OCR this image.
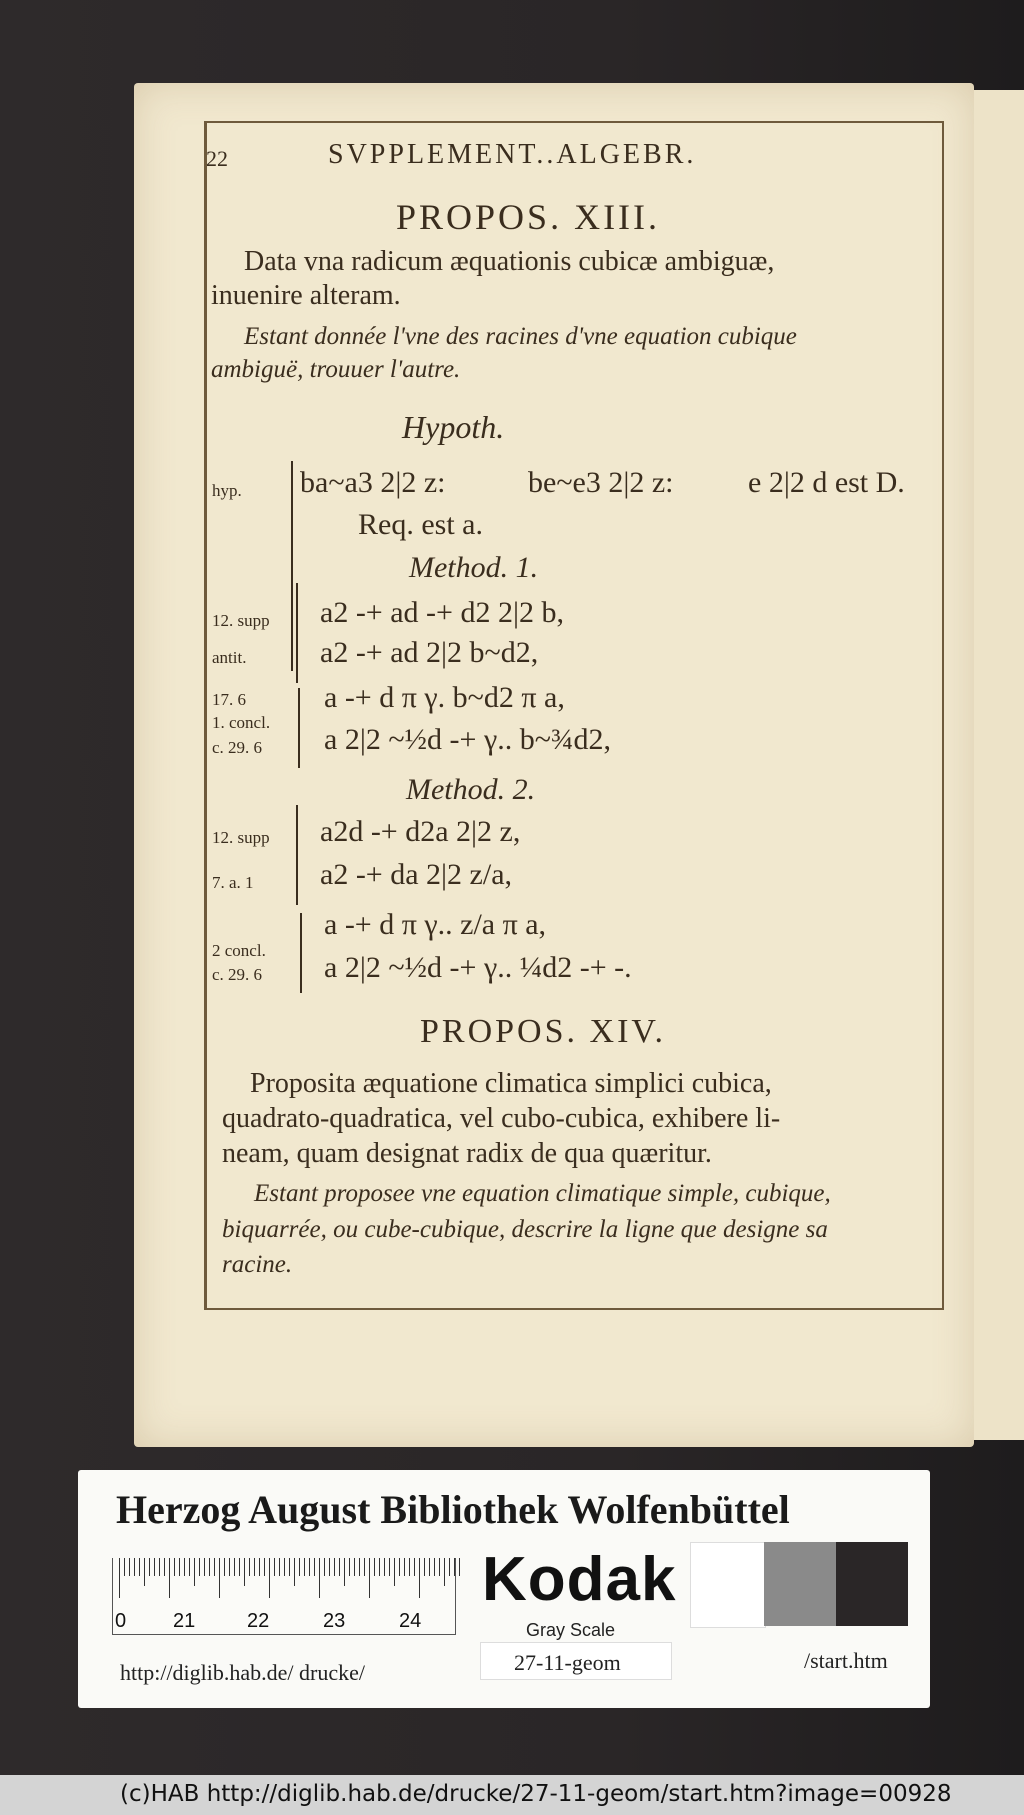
22	SVPPLEMENT..ALGEBR.
PROPOS. XIII.
Data vna radicum æquationis cubicæ ambiguæ,
inuenire alteram.
Estant donnée l'vne des racines d'vne equation cubique
ambiguë, trouuer l'autre.
Hypoth.
hyp. ba~a3 2|2 z:	be~e3 2|2 z: e 2|2 d est D.
Req. est a.
Method. 1.
12. supp
antit.
a2 -+ ad -+ d2 2|2 b,
a2 -+ ad 2|2 b~d2,
17. 6
1. concl.
c. 29. 6
a -+ d π γ. b~d2 π a,
a 2|2 ~½d -+ γ.. b~¾d2,
Method. 2.
12. supp
7. a. 1
a2d -+ d2a 2|2 z,
a2 -+ da 2|2 z/a,
2 concl.
c. 29. 6
a -+ d π γ.. z/a π a,
a 2|2 ~½d -+ γ.. ¼d2 -+ -.
PROPOS. XIV.
Proposita æquatione climatica simplici cubica,
quadrato-quadratica, vel cubo-cubica, exhibere li-
neam, quam designat radix de qua quæritur.
Estant proposee vne equation climatique simple, cubique,
biquarrée, ou cube-cubique, descrire la ligne que designe sa
racine.
Herzog August Bibliothek Wolfenbüttel
0 21	22	23	24
Kodak
Gray Scale
http://diglib.hab.de/ drucke/	27-11-geom	/start.htm
(c)HAB http://diglib.hab.de/drucke/27-11-geom/start.htm?image=00928
